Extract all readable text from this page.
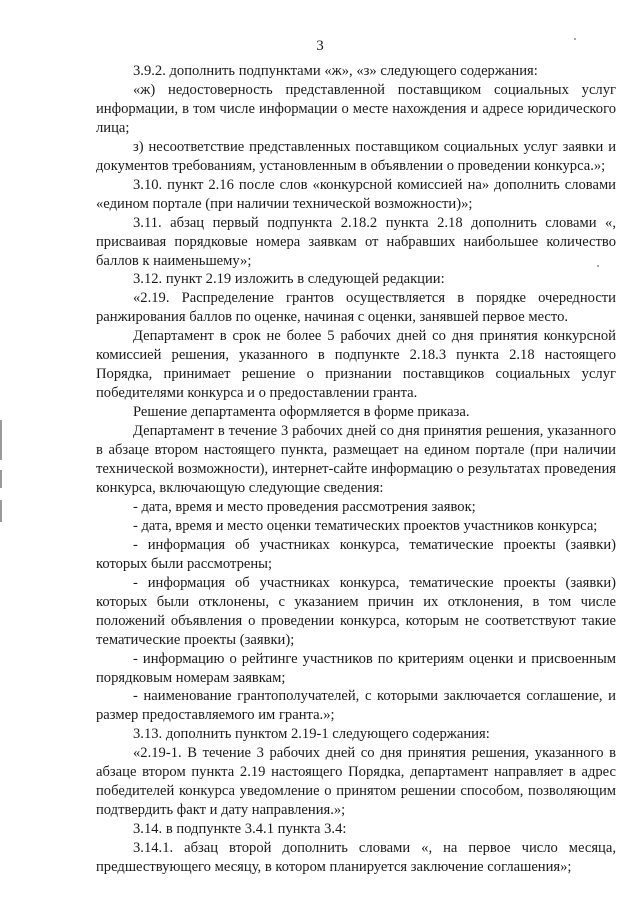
3

3.9.2. дополнить подпунктами «ж», «з» следующего содержания:

«ж) недостоверность представленной поставщиком социальных услуг информации, в том числе информации о месте нахождения и адресе юридического лица;

з) несоответствие представленных поставщиком социальных услуг заявки и документов требованиям, установленным в объявлении о проведении конкурса.»;

3.10. пункт 2.16 после слов «конкурсной комиссией на» дополнить словами «едином портале (при наличии технической возможности)»;

3.11. абзац первый подпункта 2.18.2 пункта 2.18 дополнить словами «, присваивая порядковые номера заявкам от набравших наибольшее количество баллов к наименьшему»;

3.12. пункт 2.19 изложить в следующей редакции:

«2.19. Распределение грантов осуществляется в порядке очередности ранжирования баллов по оценке, начиная с оценки, занявшей первое место.

Департамент в срок не более 5 рабочих дней со дня принятия конкурсной комиссией решения, указанного в подпункте 2.18.3 пункта 2.18 настоящего Порядка, принимает решение о признании поставщиков социальных услуг победителями конкурса и о предоставлении гранта.

Решение департамента оформляется в форме приказа.

Департамент в течение 3 рабочих дней со дня принятия решения, указанного в абзаце втором настоящего пункта, размещает на едином портале (при наличии технической возможности), интернет-сайте информацию о результатах проведения конкурса, включающую следующие сведения:

- дата, время и место проведения рассмотрения заявок;

- дата, время и место оценки тематических проектов участников конкурса;

- информация об участниках конкурса, тематические проекты (заявки) которых были рассмотрены;

- информация об участниках конкурса, тематические проекты (заявки) которых были отклонены, с указанием причин их отклонения, в том числе положений объявления о проведении конкурса, которым не соответствуют такие тематические проекты (заявки);

- информацию о рейтинге участников по критериям оценки и присвоенным порядковым номерам заявкам;

- наименование грантополучателей, с которыми заключается соглашение, и размер предоставляемого им гранта.»;

3.13. дополнить пунктом 2.19-1 следующего содержания:

«2.19-1. В течение 3 рабочих дней со дня принятия решения, указанного в абзаце втором пункта 2.19 настоящего Порядка, департамент направляет в адрес победителей конкурса уведомление о принятом решении способом, позволяющим подтвердить факт и дату направления.»;

3.14. в подпункте 3.4.1 пункта 3.4:

3.14.1. абзац второй дополнить словами «, на первое число месяца, предшествующего месяцу, в котором планируется заключение соглашения»;
